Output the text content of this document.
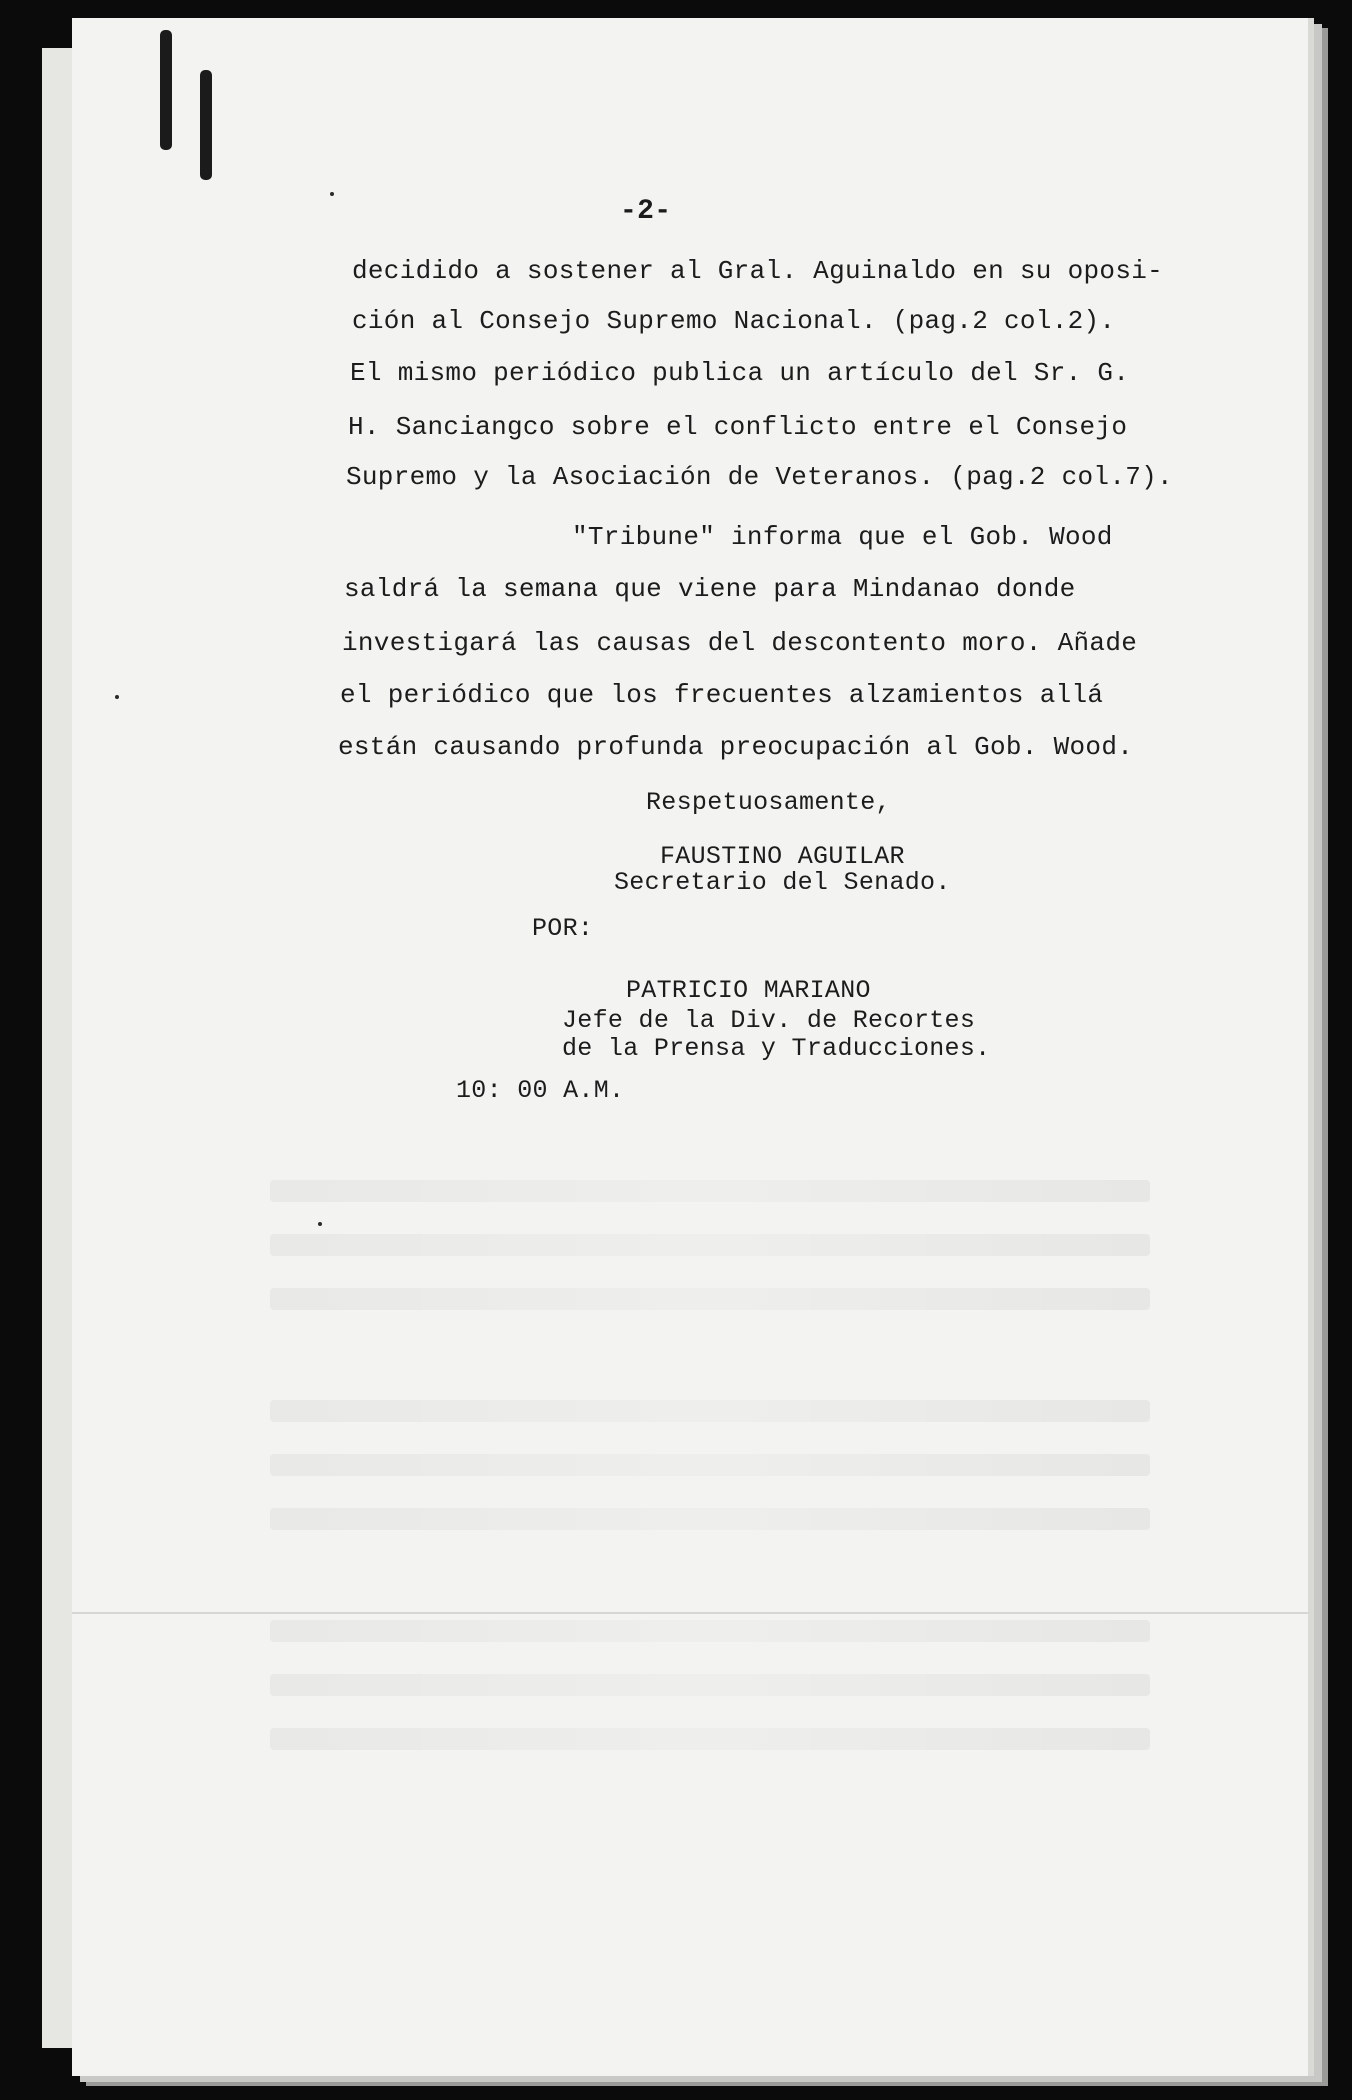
-2-
decidido a sostener al Gral. Aguinaldo en su oposi-
ción al Consejo Supremo Nacional. (pag.2 col.2).
El mismo periódico publica un artículo del Sr. G.
H. Sanciangco sobre el conflicto entre el Consejo
Supremo y la Asociación de Veteranos. (pag.2 col.7).
"Tribune" informa que el Gob. Wood
saldrá la semana que viene para Mindanao donde
investigará las causas del descontento moro. Añade
el periódico que los frecuentes alzamientos allá
están causando profunda preocupación al Gob. Wood.
Respetuosamente,
FAUSTINO AGUILAR
Secretario del Senado.
POR:
PATRICIO MARIANO
Jefe de la Div. de Recortes
de la Prensa y Traducciones.
10: 00 A.M.
